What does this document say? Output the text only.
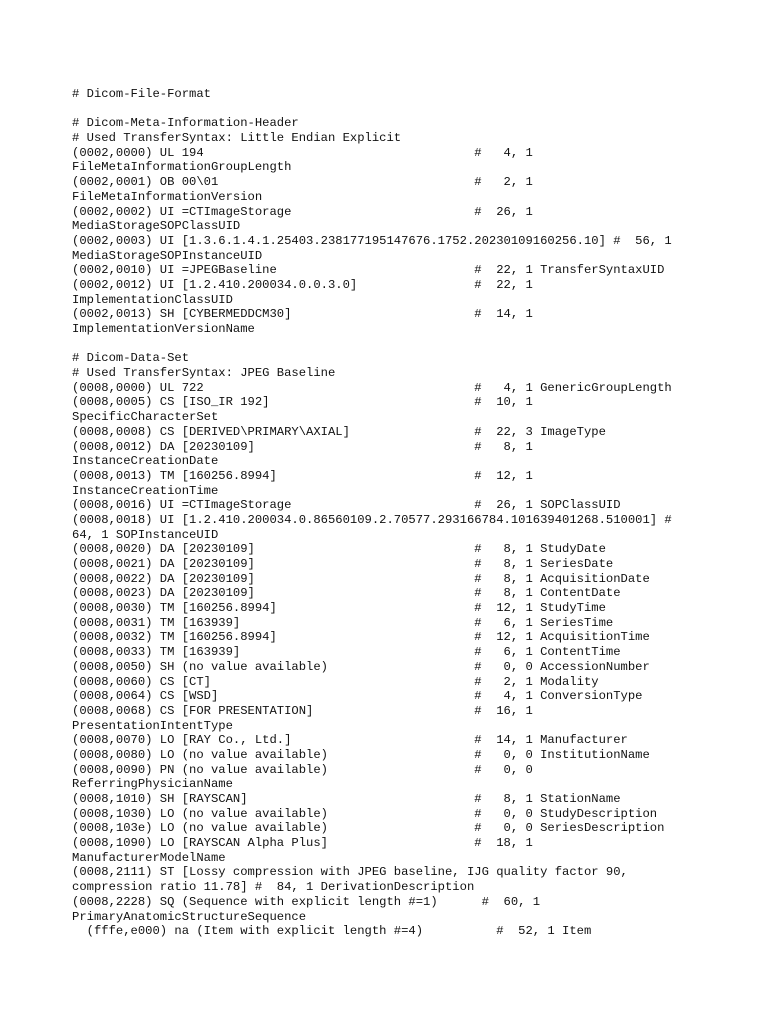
# Dicom-File-Format
# Dicom-Meta-Information-Header
# Used TransferSyntax: Little Endian Explicit
(0002,0000) UL 194                                     #   4, 1
FileMetaInformationGroupLength
(0002,0001) OB 00\01                                   #   2, 1
FileMetaInformationVersion
(0002,0002) UI =CTImageStorage                         #  26, 1
MediaStorageSOPClassUID
(0002,0003) UI [1.3.6.1.4.1.25403.238177195147676.1752.20230109160256.10] #  56, 1
MediaStorageSOPInstanceUID
(0002,0010) UI =JPEGBaseline                           #  22, 1 TransferSyntaxUID
(0002,0012) UI [1.2.410.200034.0.0.3.0]                #  22, 1
ImplementationClassUID
(0002,0013) SH [CYBERMEDDCM30]                         #  14, 1
ImplementationVersionName
# Dicom-Data-Set
# Used TransferSyntax: JPEG Baseline
(0008,0000) UL 722                                     #   4, 1 GenericGroupLength
(0008,0005) CS [ISO_IR 192]                            #  10, 1
SpecificCharacterSet
(0008,0008) CS [DERIVED\PRIMARY\AXIAL]                 #  22, 3 ImageType
(0008,0012) DA [20230109]                              #   8, 1
InstanceCreationDate
(0008,0013) TM [160256.8994]                           #  12, 1
InstanceCreationTime
(0008,0016) UI =CTImageStorage                         #  26, 1 SOPClassUID
(0008,0018) UI [1.2.410.200034.0.86560109.2.70577.293166784.101639401268.510001] #
64, 1 SOPInstanceUID
(0008,0020) DA [20230109]                              #   8, 1 StudyDate
(0008,0021) DA [20230109]                              #   8, 1 SeriesDate
(0008,0022) DA [20230109]                              #   8, 1 AcquisitionDate
(0008,0023) DA [20230109]                              #   8, 1 ContentDate
(0008,0030) TM [160256.8994]                           #  12, 1 StudyTime
(0008,0031) TM [163939]                                #   6, 1 SeriesTime
(0008,0032) TM [160256.8994]                           #  12, 1 AcquisitionTime
(0008,0033) TM [163939]                                #   6, 1 ContentTime
(0008,0050) SH (no value available)                    #   0, 0 AccessionNumber
(0008,0060) CS [CT]                                    #   2, 1 Modality
(0008,0064) CS [WSD]                                   #   4, 1 ConversionType
(0008,0068) CS [FOR PRESENTATION]                      #  16, 1
PresentationIntentType
(0008,0070) LO [RAY Co., Ltd.]                         #  14, 1 Manufacturer
(0008,0080) LO (no value available)                    #   0, 0 InstitutionName
(0008,0090) PN (no value available)                    #   0, 0
ReferringPhysicianName
(0008,1010) SH [RAYSCAN]                               #   8, 1 StationName
(0008,1030) LO (no value available)                    #   0, 0 StudyDescription
(0008,103e) LO (no value available)                    #   0, 0 SeriesDescription
(0008,1090) LO [RAYSCAN Alpha Plus]                    #  18, 1
ManufacturerModelName
(0008,2111) ST [Lossy compression with JPEG baseline, IJG quality factor 90,
compression ratio 11.78] #  84, 1 DerivationDescription
(0008,2228) SQ (Sequence with explicit length #=1)      #  60, 1
PrimaryAnatomicStructureSequence
(fffe,e000) na (Item with explicit length #=4)          #  52, 1 Item
